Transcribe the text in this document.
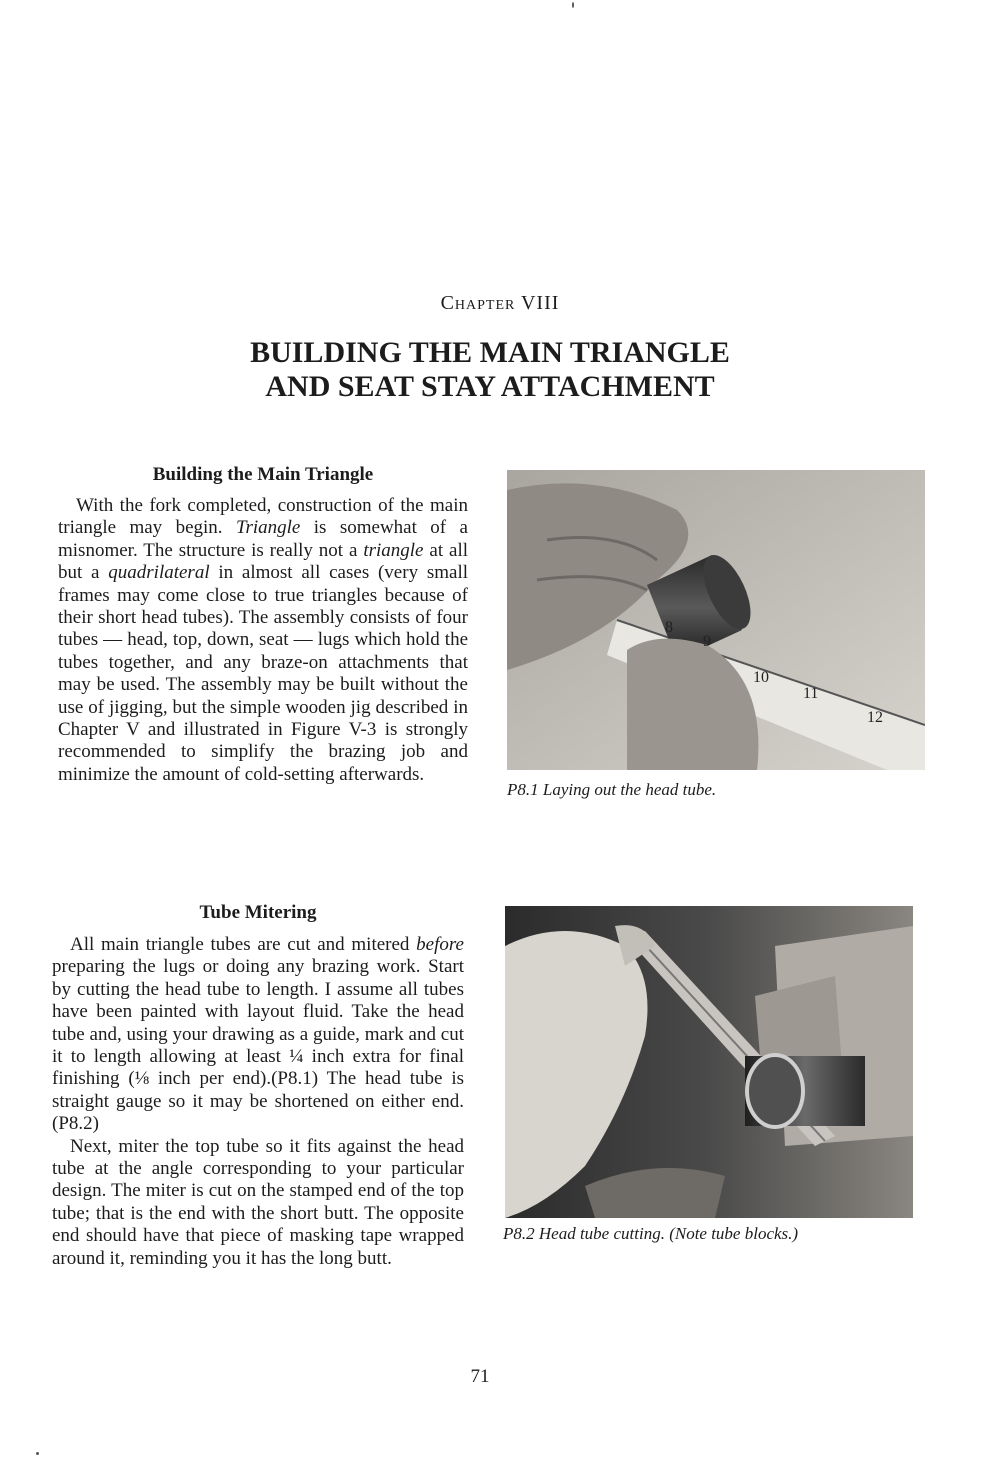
Chapter VIII
BUILDING THE MAIN TRIANGLE
AND SEAT STAY ATTACHMENT
Building the Main Triangle

With the fork completed, construction of the main triangle may begin. Triangle is somewhat of a misnomer. The structure is really not a triangle at all but a quadrilateral in almost all cases (very small frames may come close to true triangles because of their short head tubes). The assembly consists of four tubes — head, top, down, seat — lugs which hold the tubes together, and any braze-on attachments that may be used. The assembly may be built without the use of jigging, but the simple wooden jig described in Chapter V and illustrated in Figure V-3 is strongly recommended to simplify the brazing job and minimize the amount of cold-setting afterwards.

8
9
10
11
12
P8.1 Laying out the head tube.
Tube Mitering

All main triangle tubes are cut and mitered before preparing the lugs or doing any brazing work. Start by cutting the head tube to length. I assume all tubes have been painted with layout fluid. Take the head tube and, using your drawing as a guide, mark and cut it to length allowing at least ¼ inch extra for final finishing (⅛ inch per end).(P8.1) The head tube is straight gauge so it may be shortened on either end. (P8.2)

Next, miter the top tube so it fits against the head tube at the angle corresponding to your particular design. The miter is cut on the stamped end of the top tube; that is the end with the short butt. The opposite end should have that piece of masking tape wrapped around it, reminding you it has the long butt.

P8.2 Head tube cutting. (Note tube blocks.)
71
